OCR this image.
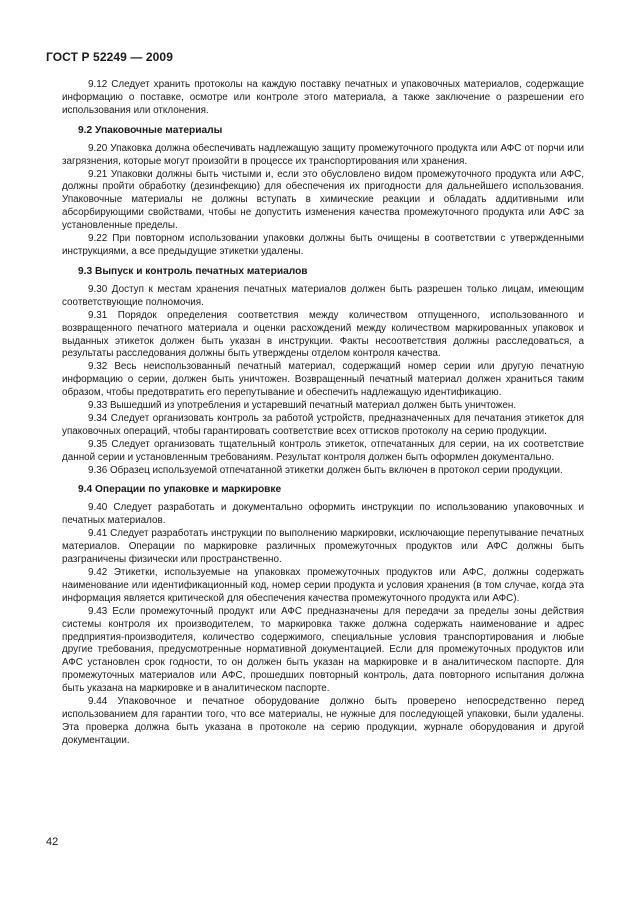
ГОСТ Р 52249 — 2009

9.12 Следует хранить протоколы на каждую поставку печатных и упаковочных материалов, содержащие информацию о поставке, осмотре или контроле этого материала, а также заключение о разрешении его использования или отклонения.

9.2 Упаковочные материалы

9.20 Упаковка должна обеспечивать надлежащую защиту промежуточного продукта или АФС от порчи или загрязнения, которые могут произойти в процессе их транспортирования или хранения.

9.21 Упаковки должны быть чистыми и, если это обусловлено видом промежуточного продукта или АФС, должны пройти обработку (дезинфекцию) для обеспечения их пригодности для дальнейшего использования. Упаковочные материалы не должны вступать в химические реакции и обладать аддитивными или абсорбирующими свойствами, чтобы не допустить изменения качества промежуточного продукта или АФС за установленные пределы.

9.22 При повторном использовании упаковки должны быть очищены в соответствии с утвержденными инструкциями, а все предыдущие этикетки удалены.

9.3 Выпуск и контроль печатных материалов

9.30 Доступ к местам хранения печатных материалов должен быть разрешен только лицам, имеющим соответствующие полномочия.

9.31 Порядок определения соответствия между количеством отпущенного, использованного и возвращенного печатного материала и оценки расхождений между количеством маркированных упаковок и выданных этикеток должен быть указан в инструкции. Факты несоответствия должны расследоваться, а результаты расследования должны быть утверждены отделом контроля качества.

9.32 Весь неиспользованный печатный материал, содержащий номер серии или другую печатную информацию о серии, должен быть уничтожен. Возвращенный печатный материал должен храниться таким образом, чтобы предотвратить его перепутывание и обеспечить надлежащую идентификацию.

9.33 Вышедший из употребления и устаревший печатный материал должен быть уничтожен.

9.34 Следует организовать контроль за работой устройств, предназначенных для печатания этикеток для упаковочных операций, чтобы гарантировать соответствие всех оттисков протоколу на серию продукции.

9.35 Следует организовать тщательный контроль этикеток, отпечатанных для серии, на их соответствие данной серии и установленным требованиям. Результат контроля должен быть оформлен документально.

9.36 Образец используемой отпечатанной этикетки должен быть включен в протокол серии продукции.

9.4 Операции по упаковке и маркировке

9.40 Следует разработать и документально оформить инструкции по использованию упаковочных и печатных материалов.

9.41 Следует разработать инструкции по выполнению маркировки, исключающие перепутывание печатных материалов. Операции по маркировке различных промежуточных продуктов или АФС должны быть разграничены физически или пространственно.

9.42 Этикетки, используемые на упаковках промежуточных продуктов или АФС, должны содержать наименование или идентификационный код, номер серии продукта и условия хранения (в том случае, когда эта информация является критической для обеспечения качества промежуточного продукта или АФС).

9.43 Если промежуточный продукт или АФС предназначены для передачи за пределы зоны действия системы контроля их производителем, то маркировка также должна содержать наименование и адрес предприятия-производителя, количество содержимого, специальные условия транспортирования и любые другие требования, предусмотренные нормативной документацией. Если для промежуточных продуктов или АФС установлен срок годности, то он должен быть указан на маркировке и в аналитическом паспорте. Для промежуточных материалов или АФС, прошедших повторный контроль, дата повторного испытания должна быть указана на маркировке и в аналитическом паспорте.

9.44 Упаковочное и печатное оборудование должно быть проверено непосредственно перед использованием для гарантии того, что все материалы, не нужные для последующей упаковки, были удалены. Эта проверка должна быть указана в протоколе на серию продукции, журнале оборудования и другой документации.

42
